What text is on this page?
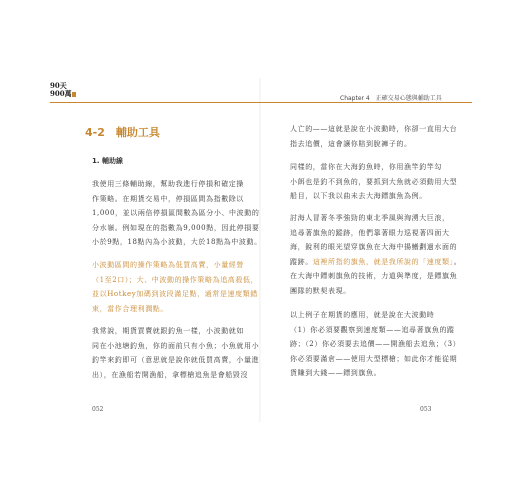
90天
900萬
Chapter 4　正確交易心態與輔助工具
4-2　輔助工具
1. 輔助線
我使用三條輔助線，幫助我進行停損和確定操
作策略。在期貨交易中，停損區間為指數除以
1,000，並以兩倍停損區間數為區分小、中波動的
分水嶺。例如現在的指數為9,000點，因此停損要
小於9點，18點內為小波動，大於18點為中波動。
小波動區間的操作策略為低買高賣，小量經營
（1至2口）；大、中波動的操作策略為追高殺低，
並以Hotkey加碼到波段滿足點，通常是速度類錯
束，當作合理利潤點。
我常說，期貨買賣就跟釣魚一樣，小波動就如
同在小池塘釣魚，你的面前只有小魚；小魚就用小
釣竿來釣即可（意思就是說你就低買高賣，小量進
出），在漁船若開漁船，拿標槍追魚是會船毀沒
052
人亡的——這就是說在小波動時，你卻一直用大台
指去追價，這會讓你賠到脫褲子的。
同樣的，當你在大海釣魚時，你用漁竿釣竿勾
小餌也是釣不到魚的，要抓到大魚就必須動用大型
船目，以下我以曲未去大海鏢旗魚為例。
討海人冒著冬季強勁的東北季風與洶湧大巨浪，
追尋著旗魚的蹤跡，他們靠著眼力巡視著四面大
海，銳利的眼光望穿旗魚在大海中揚鰭劃過水面的
蹤跡。這裡所指的旗魚，就是我所說的「速度類」。
在大海中鏢刺旗魚的技術，力道與準度，是鏢旗魚
團隊的默契表現。
以上例子在期貨的應用，就是說在大波動時
（1）你必須要觀察到速度類——追尋著旗魚的蹤
跡；（2）你必須要去追價——開漁船去追魚；（3）
你必須要滿倉——使用大型標槍；如此你才能從期
貨賺到大錢——鏢到旗魚。
053
